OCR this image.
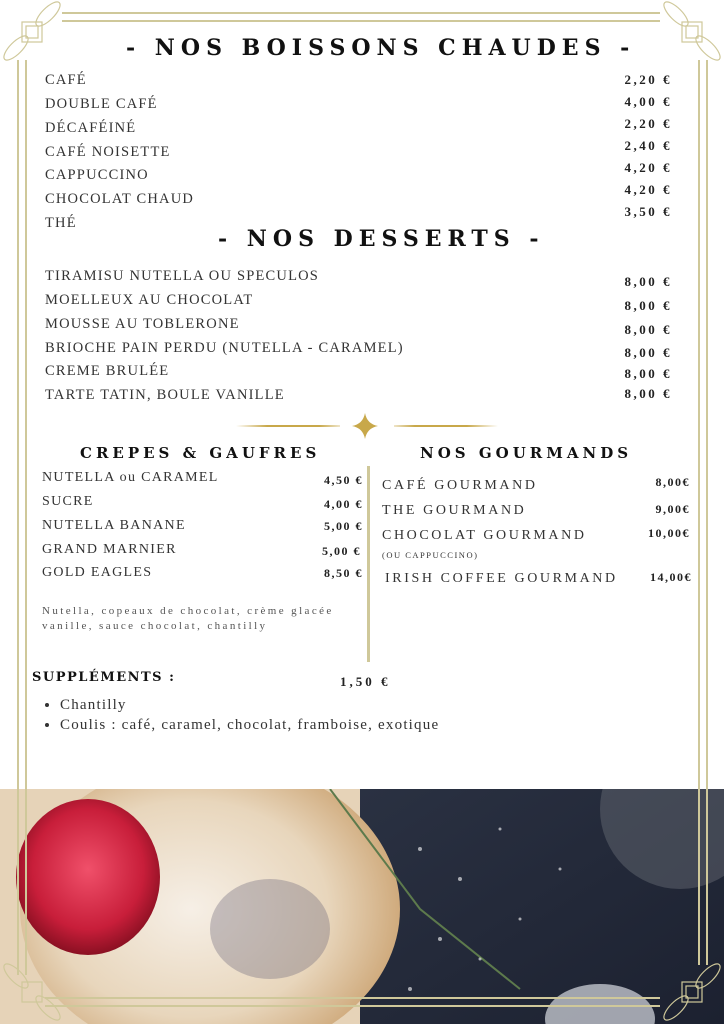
- NOS BOISSONS CHAUDES -
CAFÉ
DOUBLE CAFÉ
DÉCAFÉINÉ
CAFÉ NOISETTE
CAPPUCCINO
CHOCOLAT CHAUD
THÉ
2,20 €
4,00 €
2,20 €
2,40 €
4,20 €
4,20 €
3,50 €
- NOS DESSERTS -
TIRAMISU NUTELLA OU SPECULOS
MOELLEUX AU CHOCOLAT
MOUSSE AU TOBLERONE
BRIOCHE PAIN PERDU (NUTELLA - CARAMEL)
CREME BRULÉE
TARTE TATIN, BOULE VANILLE
8,00 €
8,00 €
8,00 €
8,00 €
8,00 €
8,00 €
CREPES & GAUFRES
NUTELLA ou CARAMEL
SUCRE
NUTELLA BANANE
GRAND MARNIER
GOLD EAGLES
4,50 €
4,00 €
5,00 €
5,00 €
8,50 €
Nutella, copeaux de chocolat, crème glacée vanille, sauce chocolat, chantilly
NOS GOURMANDS
CAFÉ GOURMAND
THE GOURMAND
CHOCOLAT GOURMAND
(OU CAPPUCCINO)
IRISH COFFEE GOURMAND
8,00€
9,00€
10,00€
14,00€
SUPPLÉMENTS :	1,50 €
• Chantilly
• Coulis : café, caramel, chocolat, framboise, exotique
